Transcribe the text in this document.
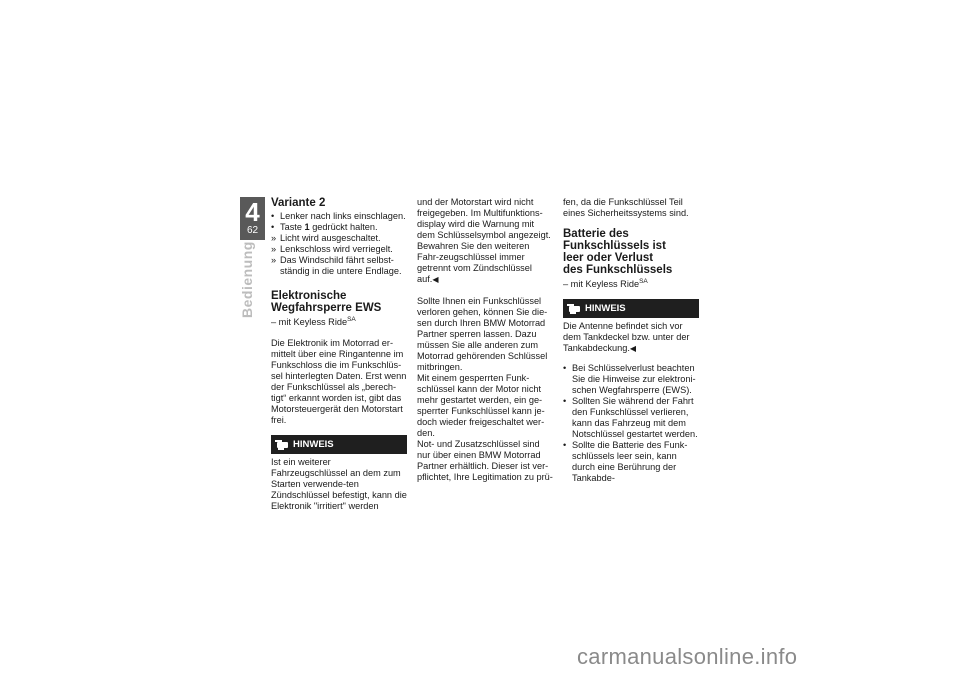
4
62
Bedienung

Variante 2

• Lenker nach links einschlagen.
• Taste 1 gedrückt halten.
» Licht wird ausgeschaltet.
» Lenkschloss wird verriegelt.
» Das Windschild fährt selbst-ständig in die untere Endlage.

Elektronische Wegfahrsperre EWS

– mit Keyless Ride$^{SA}$

Die Elektronik im Motorrad er-mittelt über eine Ringantenne im Funkschloss die im Funkschlüs-sel hinterlegten Daten. Erst wenn der Funkschlüssel als „berech-tigt“ erkannt worden ist, gibt das Motorsteuergerät den Motorstart frei.

HINWEIS

Ist ein weiterer Fahrzeugschlüssel an dem zum Starten verwende-ten Zündschlüssel befestigt, kann die Elektronik "irritiert" werden

und der Motorstart wird nicht freigegeben. Im Multifunktions-display wird die Warnung mit dem Schlüsselsymbol angezeigt. Bewahren Sie den weiteren Fahr-zeugschlüssel immer getrennt vom Zündschlüssel auf.◀

Sollte Ihnen ein Funkschlüssel verloren gehen, können Sie die-sen durch Ihren BMW Motorrad Partner sperren lassen. Dazu müssen Sie alle anderen zum Motorrad gehörenden Schlüssel mitbringen.

Mit einem gesperrten Funk-schlüssel kann der Motor nicht mehr gestartet werden, ein ge-sperrter Funkschlüssel kann je-doch wieder freigeschaltet wer-den.

Not- und Zusatzschlüssel sind nur über einen BMW Motorrad Partner erhältlich. Dieser ist ver-pflichtet, Ihre Legitimation zu prü-

fen, da die Funkschlüssel Teil eines Sicherheitssystems sind.

Batterie des Funkschlüssels ist leer oder Verlust des Funkschlüssels

– mit Keyless Ride$^{SA}$

HINWEIS

Die Antenne befindet sich vor dem Tankdeckel bzw. unter der Tankabdeckung.◀

• Bei Schlüsselverlust beachten Sie die Hinweise zur elektroni-schen Wegfahrsperre (EWS).
• Sollten Sie während der Fahrt den Funkschlüssel verlieren, kann das Fahrzeug mit dem Notschlüssel gestartet werden.
• Sollte die Batterie des Funk-schlüssels leer sein, kann durch eine Berührung der Tankabde-
carmanualsonline.info
